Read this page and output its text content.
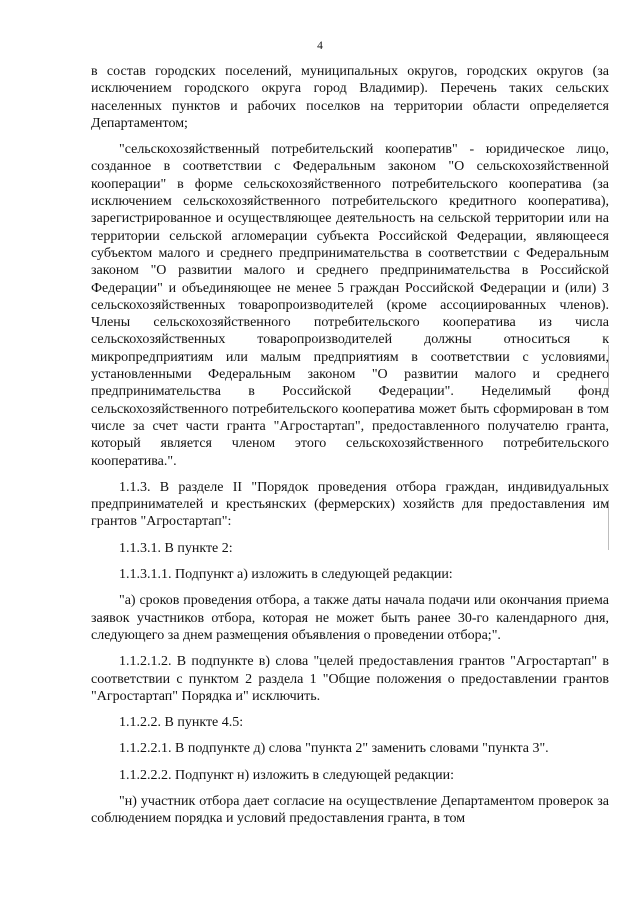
4

в состав городских поселений, муниципальных округов, городских округов (за исключением городского округа город Владимир). Перечень таких сельских населенных пунктов и рабочих поселков на территории области определяется Департаментом;

"сельскохозяйственный потребительский кооператив" - юридическое лицо, созданное в соответствии с Федеральным законом "О сельскохозяйственной кооперации" в форме сельскохозяйственного потребительского кооператива (за исключением сельскохозяйственного потребительского кредитного кооператива), зарегистрированное и осуществляющее деятельность на сельской территории или на территории сельской агломерации субъекта Российской Федерации, являющееся субъектом малого и среднего предпринимательства в соответствии с Федеральным законом "О развитии малого и среднего предпринимательства в Российской Федерации" и объединяющее не менее 5 граждан Российской Федерации и (или) 3 сельскохозяйственных товаропроизводителей (кроме ассоциированных членов). Члены сельскохозяйственного потребительского кооператива из числа сельскохозяйственных товаропроизводителей должны относиться к микропредприятиям или малым предприятиям в соответствии с условиями, установленными Федеральным законом "О развитии малого и среднего предпринимательства в Российской Федерации". Неделимый фонд сельскохозяйственного потребительского кооператива может быть сформирован в том числе за счет части гранта "Агростартап", предоставленного получателю гранта, который является членом этого сельскохозяйственного потребительского кооператива.".

1.1.3. В разделе II "Порядок проведения отбора граждан, индивидуальных предпринимателей и крестьянских (фермерских) хозяйств для предоставления им грантов "Агростартап":

1.1.3.1. В пункте 2:

1.1.3.1.1. Подпункт а) изложить в следующей редакции:

"а) сроков проведения отбора, а также даты начала подачи или окончания приема заявок участников отбора, которая не может быть ранее 30-го календарного дня, следующего за днем размещения объявления о проведении отбора;".

1.1.2.1.2. В подпункте в) слова "целей предоставления грантов "Агростартап" в соответствии с пунктом 2 раздела 1 "Общие положения о предоставлении грантов "Агростартап" Порядка и" исключить.

1.1.2.2. В пункте 4.5:

1.1.2.2.1. В подпункте д) слова "пункта 2" заменить словами "пункта 3".

1.1.2.2.2. Подпункт н) изложить в следующей редакции:

"н) участник отбора дает согласие на осуществление Департаментом проверок за соблюдением порядка и условий предоставления гранта, в том
